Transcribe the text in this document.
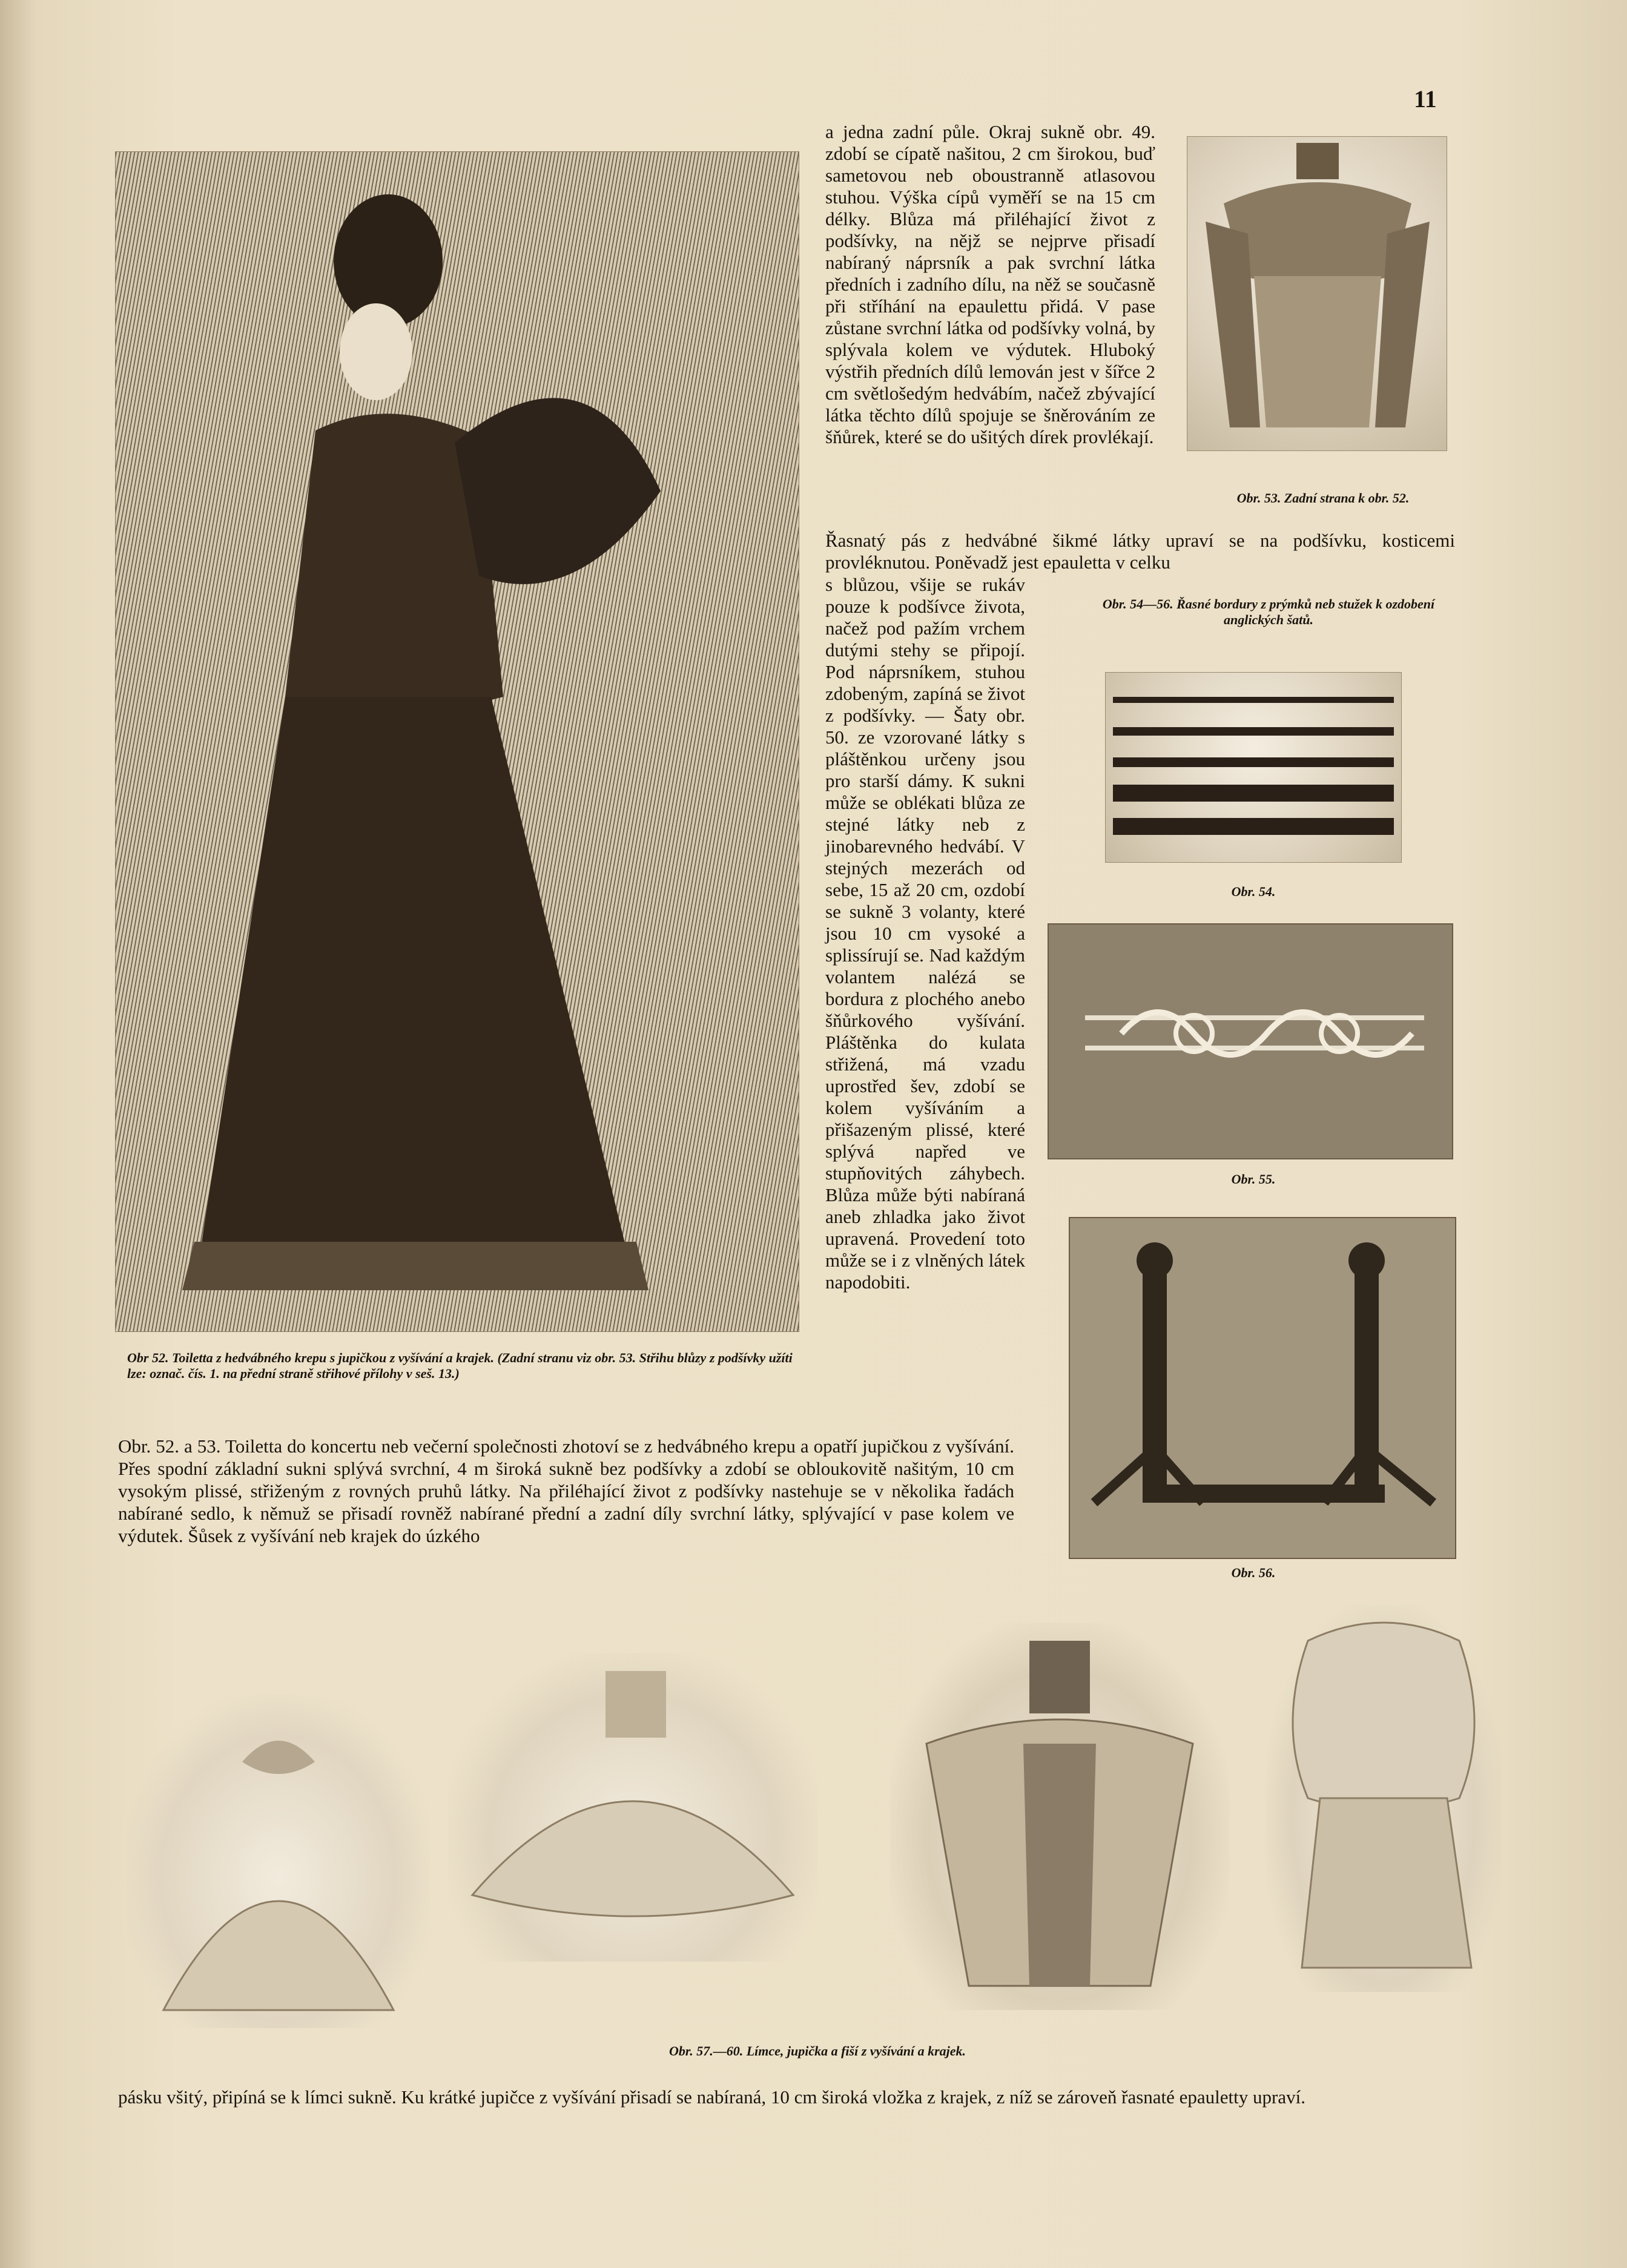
11
Obr 52. Toiletta z hedvábného krepu s jupičkou z vyšívání a krajek. (Zadní stranu viz obr. 53. Střihu blůzy z podšívky užíti lze: označ. čís. 1. na přední straně střihové přílohy v seš. 13.)
a jedna zadní půle. Okraj sukně obr. 49. zdobí se cípatě našitou, 2 cm širokou, buď sametovou neb oboustranně atlasovou stuhou. Výška cípů vyměří se na 15 cm délky. Blůza má přiléhající život z podšívky, na nějž se nejprve přisadí nabíraný náprsník a pak svrchní látka předních i zadního dílu, na něž se současně při stříhání na epaulettu přidá. V pase zůstane svrchní látka od podšívky volná, by splývala kolem ve výdutek. Hluboký výstřih předních dílů lemován jest v šířce 2 cm světlošedým hedvábím, načež zbývající látka těchto dílů spojuje se šněrováním ze šňůrek, které se do ušitých dírek provlékají.
Obr. 53. Zadní strana k obr. 52.
Řasnatý pás z hedvábné šikmé látky upraví se na podšívku, kosticemi provléknutou. Poněvadž jest epauletta v celku
s blůzou, všije se rukáv pouze k podšívce života, načež pod pažím vrchem dutými stehy se připojí. Pod náprsníkem, stuhou zdobeným, zapíná se život z podšívky. — Šaty obr. 50. ze vzorované látky s pláštěnkou určeny jsou pro starší dámy. K sukni může se oblékati blůza ze stejné látky neb z jinobarevného hedvábí. V stejných mezerách od sebe, 15 až 20 cm, ozdobí se sukně 3 volanty, které jsou 10 cm vysoké a splissírují se. Nad každým volantem nalézá se bordura z plochého anebo šňůrkového vyšívání. Pláštěnka do kulata střižená, má vzadu uprostřed šev, zdobí se kolem vyšíváním a přišazeným plissé, které splývá napřed ve stupňovitých záhybech. Blůza může býti nabíraná aneb zhladka jako život upravená. Provedení toto může se i z vlněných látek napodobiti.
Obr. 54—56. Řasné bordury z prýmků neb stužek k ozdobení anglických šatů.
Obr. 54.
Obr. 55.
Obr. 56.
Obr. 52. a 53. Toiletta do koncertu neb večerní společnosti zhotoví se z hedvábného krepu a opatří jupičkou z vyšívání. Přes spodní základní sukni splývá svrchní, 4 m široká sukně bez podšívky a zdobí se obloukovitě našitým, 10 cm vysokým plissé, střiženým z rovných pruhů látky. Na přiléhající život z podšívky nastehuje se v několika řadách nabírané sedlo, k němuž se přisadí rovněž nabírané přední a zadní díly svrchní látky, splývající v pase kolem ve výdutek. Šůsek z vyšívání neb krajek do úzkého
Obr. 57.—60. Límce, jupička a fiší z vyšívání a krajek.
pásku všitý, připíná se k límci sukně. Ku krátké jupičce z vyšívání přisadí se nabíraná, 10 cm široká vložka z krajek, z níž se zároveň řasnaté epauletty upraví.
